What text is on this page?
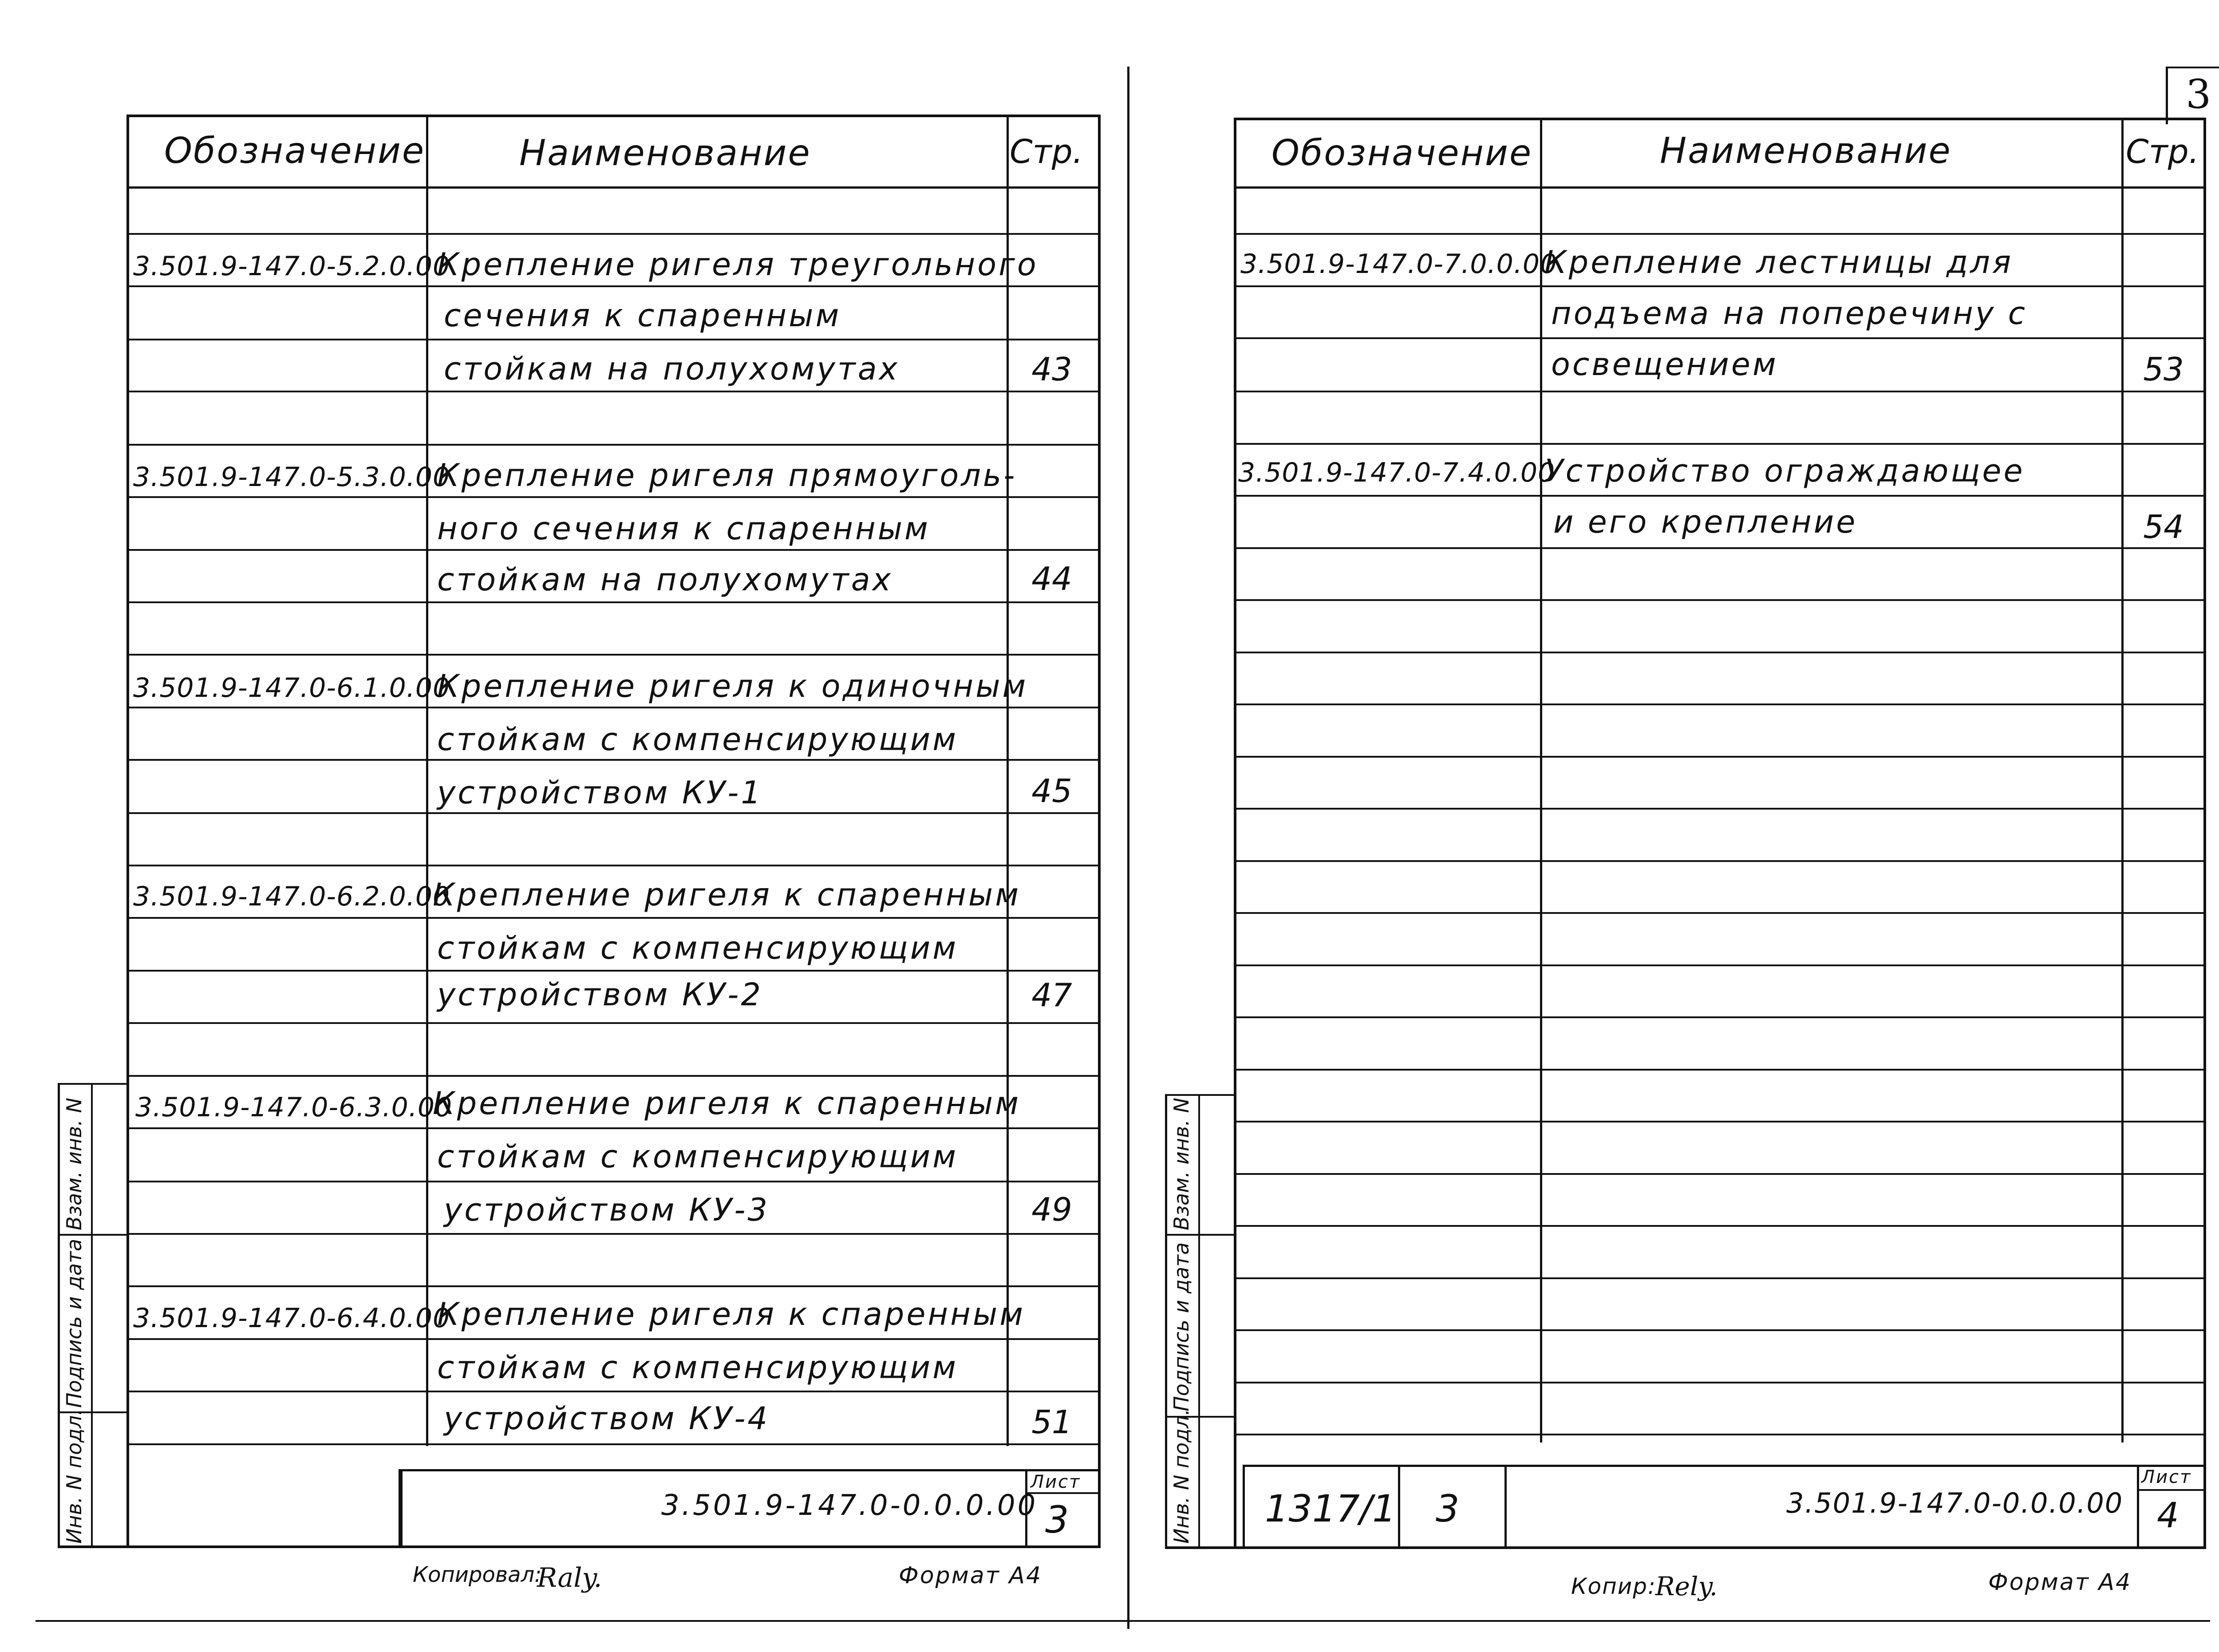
Обозначение	Наименование	Стр.
3.501.9-147.0-5.2.0.00
Крепление ригеля треугольного
сечения к спаренным
стойкам на полухомутах	43
3.501.9-147.0-5.3.0.00
Крепление ригеля прямоуголь-
ного сечения к спаренным
стойкам на полухомутах	44
3.501.9-147.0-6.1.0.00
Крепление ригеля к одиночным
стойкам с компенсирующим
устройством КУ-1	45
3.501.9-147.0-6.2.0.00
Крепление ригеля к спаренным
стойкам с компенсирующим
устройством КУ-2	47
3.501.9-147.0-6.3.0.00
Крепление ригеля к спаренным
стойкам с компенсирующим
устройством КУ-3	49
3.501.9-147.0-6.4.0.00
Крепление ригеля к спаренным
стойкам с компенсирующим
устройством КУ-4	51
3.501.9-147.0-0.0.0.00
Лист
3
Инв. N подл.
Подпись и дата
Взам. инв. N
Копировал:
Raly.	Формат А4
3
Обозначение	Наименование	Стр.
3.501.9-147.0-7.0.0.00
Крепление лестницы для
подъема на поперечину с
освещением	53
3.501.9-147.0-7.4.0.00
Устройство ограждающее
и его крепление	54
1317/1 3	3.501.9-147.0-0.0.0.00
Лист
4
Инв. N подл.
Подпись и дата
Взам. инв. N
Копир:
Rely.	Формат А4
